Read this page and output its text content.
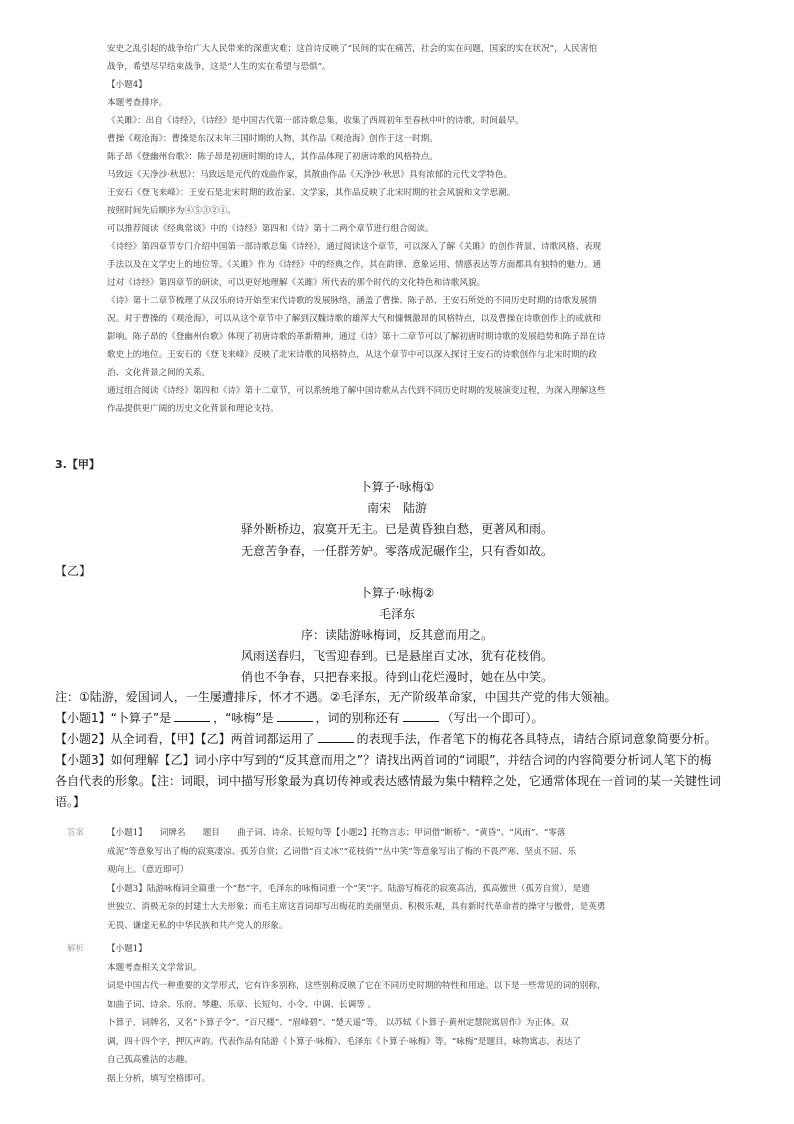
安史之乱引起的战争给广大人民带来的深重灾难；这首诗反映了“民间的实在痛苦，社会的实在问题，国家的实在状况”，人民害怕
战争，希望尽早结束战争，这是“人生的实在希望与恐惧”。
【小题4】
本题考查排序。
《关雎》：出自《诗经》，《诗经》是中国古代第一部诗歌总集，收集了西周初年至春秋中叶的诗歌，时间最早。
曹操《观沧海》：曹操是东汉末年三国时期的人物，其作品《观沧海》创作于这一时期。
陈子昂《登幽州台歌》：陈子昂是初唐时期的诗人，其作品体现了初唐诗歌的风格特点。
马致远《天净沙·秋思》：马致远是元代的戏曲作家，其散曲作品《天净沙·秋思》具有浓郁的元代文学特色。
王安石《登飞来峰》：王安石是北宋时期的政治家、文学家，其作品反映了北宋时期的社会风貌和文学思潮。
按照时间先后顺序为④⑤③②①。
可以推荐阅读《经典常谈》中的《诗经》第四和《诗》第十二两个章节进行组合阅读。
《诗经》第四章节专门介绍中国第一部诗歌总集《诗经》，通过阅读这个章节，可以深入了解《关雎》的创作背景、诗歌风格、表现
手法以及在文学史上的地位等。《关雎》作为《诗经》中的经典之作，其在韵律、意象运用、情感表达等方面都具有独特的魅力。通
过对《诗经》第四章节的研读，可以更好地理解《关雎》所代表的那个时代的文化特色和诗歌风貌。
《诗》第十二章节梳理了从汉乐府诗开始至宋代诗歌的发展脉络，涵盖了曹操、陈子昂、王安石所处的不同历史时期的诗歌发展情
况。对于曹操的《观沧海》，可以从这个章节中了解到汉魏诗歌的雄浑大气和慷慨激昂的风格特点，以及曹操在诗歌创作上的成就和
影响。陈子昂的《登幽州台歌》体现了初唐诗歌的革新精神，通过《诗》第十二章节可以了解初唐时期诗歌的发展趋势和陈子昂在诗
歌史上的地位。王安石的《登飞来峰》反映了北宋诗歌的风格特点，从这个章节中可以深入探讨王安石的诗歌创作与北宋时期的政
治、文化背景之间的关系。
通过组合阅读《诗经》第四和《诗》第十二章节，可以系统地了解中国诗歌从古代到不同历史时期的发展演变过程，为深入理解这些
作品提供更广阔的历史文化背景和理论支持。
3.【甲】
卜算子·咏梅①
南宋　陆游
驿外断桥边，寂寞开无主。已是黄昏独自愁，更著风和雨。
无意苦争春，一任群芳妒。零落成泥碾作尘，只有香如故。
【乙】
卜算子·咏梅②
毛泽东
序：读陆游咏梅词，反其意而用之。
风雨送春归，飞雪迎春到。已是悬崖百丈冰，犹有花枝俏。
俏也不争春，只把春来报。待到山花烂漫时，她在丛中笑。
注：①陆游，爱国词人，一生屡遭排斥，怀才不遇。②毛泽东，无产阶级革命家，中国共产党的伟大领袖。
【小题1】“卜算子”是	，“咏梅”是	，词的别称还有	（写出一个即可）。
【小题2】从全词看，【甲】【乙】两首词都运用了	的表现手法，作者笔下的梅花各具特点，请结合原词意象简要分析。
【小题3】如何理解【乙】词小序中写到的“反其意而用之”？请找出两首词的“词眼”，并结合词的内容简要分析词人笔下的梅
各自代表的形象。【注：词眼，词中描写形象最为真切传神或表达感情最为集中精粹之处，它通常体现在一首词的某一关键性词
语。】
答案	【小题1】　　词牌名　　题目　　曲子词、诗余、长短句等【小题2】托物言志；甲词借“断桥”、“黄昏”、“风雨”、“零落
成泥”等意象写出了梅的寂寞凄凉、孤芳自赏；乙词借“百丈冰”“花枝俏”“丛中笑”等意象写出了梅的不畏严寒、坚贞不屈、乐
观向上。（意近即可）
【小题3】陆游咏梅词全篇重一个“愁”字，毛泽东的咏梅词重一个“笑”字。陆游写梅花的寂寞高洁，孤高傲世（孤芳自赏），是遗
世独立、消极无奈的封建士大夫形象；而毛主席这首词却写出梅花的美丽坚贞、积极乐观，具有新时代革命者的操守与傲骨，是英勇
无畏、谦虚无私的中华民族和共产党人的形象。
解析	【小题1】
本题考查相关文学常识。
词是中国古代一种重要的文学形式，它有许多别称，这些别称反映了它在不同历史时期的特性和用途。以下是一些常见的词的别称，
如曲子词、诗余、乐府、琴趣、乐章、长短句、小令、中调、长调等 。
卜算子，词牌名，又名“卜算子令”、“百尺楼”、“眉峰碧”、“楚天遥”等。 以苏轼《卜算子·黄州定慧院寓居作》为正体。双
调，四十四个字，押仄声韵。代表作品有陆游《卜算子·咏梅》、毛泽东《卜算子·咏梅》等。“咏梅”是题目，咏物寓志，表达了
自己孤高雅洁的志趣。
据上分析，填写空格即可。
